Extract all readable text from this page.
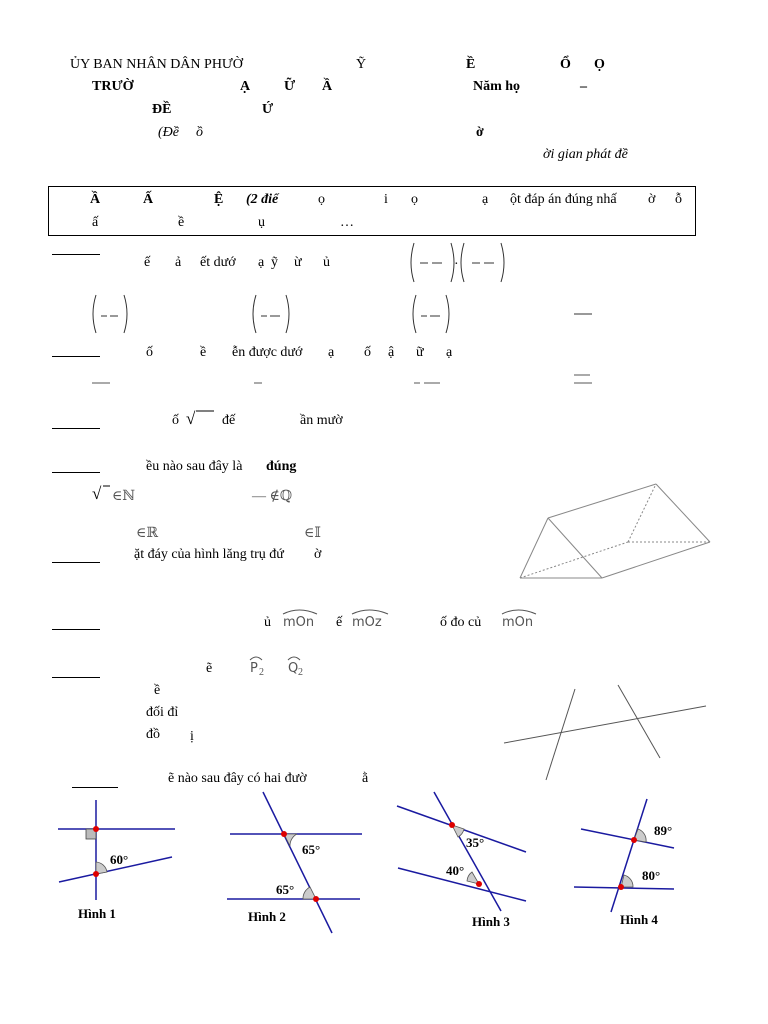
ỦY BAN NHÂN DÂN PHƯỜ	Ỹ	Ề	Ổ Ọ
TRƯỜ	Ạ Ữ Ầ	Năm họ	–
ĐỀ	Ứ
(Đề ồ	ờ
ời gian phát đề
Ầ	Ấ	Ệ (2 điể	ọ	i ọ	ạ ột đáp án đúng nhấ ờ ỗ
ấ	ề	ụ	…
ế ả ết dướ ạ ỹ ừ ủ	·
ố	ề ễn được dướ ạ ố ậ ữ ạ
ố √ đế	ần mườ
ều nào sau đây là đúng
√ ∈ℕ	— ∉ℚ
∈ℝ	∈𝕀
ặt đáy của hình lăng trụ đứ ờ
ủ mOn ế mOz	ố đo củ mOn
ẽ	P 2 Q 2
ề
đối đỉ
đồ ị
ẽ nào sau đây có hai đườ	ằ
Hình 1	Hình 2	Hình 3	Hình 4
60°
65°
65°
35°
40°
89°
80°
